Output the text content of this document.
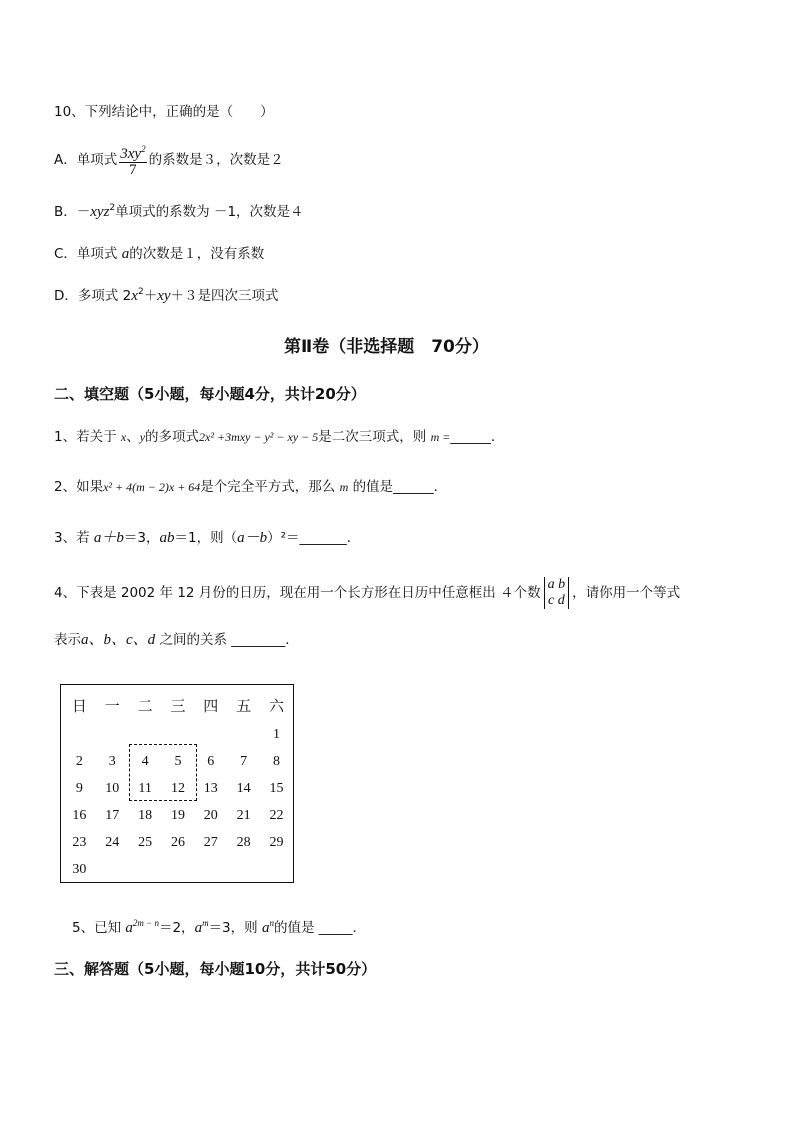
10、下列结论中，正确的是（　　）
A．单项式 $\frac{3xy^2}{7}$ 的系数是３，次数是２
B．－xyz$^2$单项式的系数为 －1，次数是４
C．单项式 a的次数是１，没有系数
D．多项式 $2x^2+xy+3$是四次三项式
第Ⅱ卷（非选择题　70分）
二、填空题（5小题，每小题4分，共计20分）
1、若关于 x、y的多项式2x² +3mxy − y² − xy − 5是二次三项式，则 m =______．
2、如果x² + 4(m − 2)x + 64是个完全平方式，那么 m 的值是______．
3、若 a＋b＝3，ab＝1，则（a－b）²＝_______．
4、下表是 2002 年 12 月份的日历，现在用一个长方形在日历中任意框出 ４个数
a b
c d ，请你用一个等式
表示a、b、c、d 之间的关系 ________．
日	一	二	三	四	五	六
						1
2	3	4	5	6	7	8
9	10	11	12	13	14	15
16	17	18	19	20	21	22
23	24	25	26	27	28	29
30						
5、已知 $a^{2m - n}=2$，$a^m=3$，则 $a^n$的值是 _____．
三、解答题（5小题，每小题10分，共计50分）
